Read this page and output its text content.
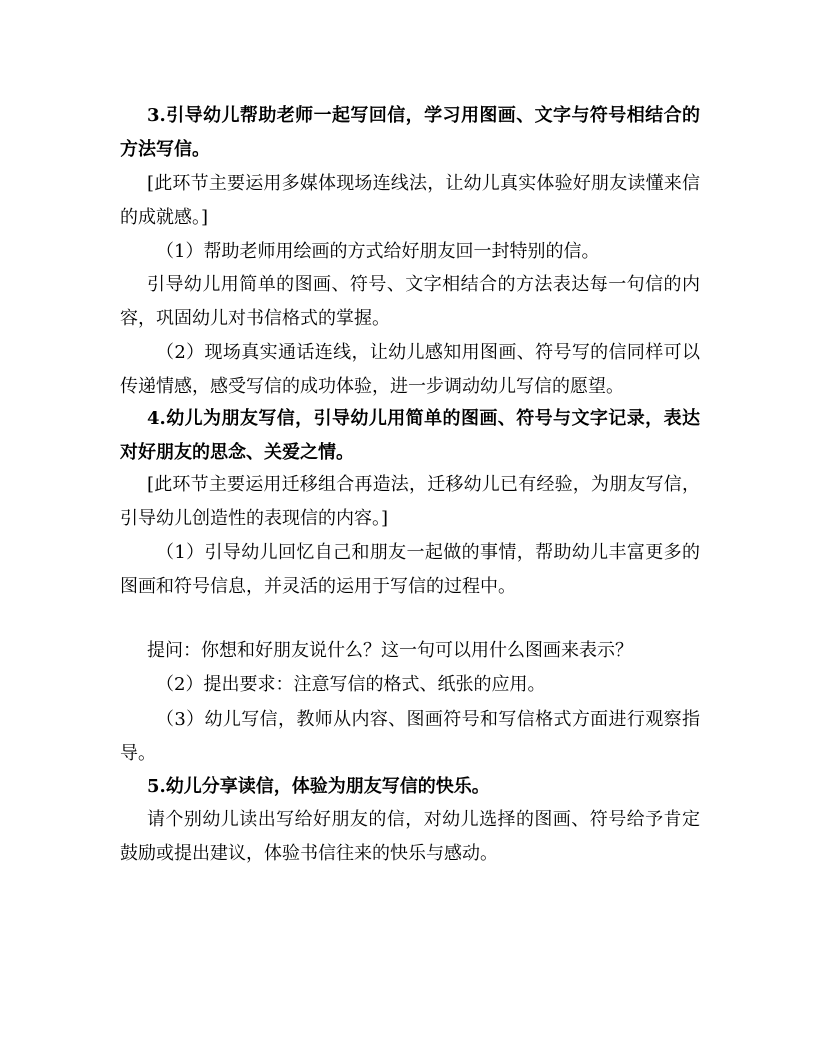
3.引导幼儿帮助老师一起写回信，学习用图画、文字与符号相结合的方法写信。

[此环节主要运用多媒体现场连线法，让幼儿真实体验好朋友读懂来信的成就感。]

（1）帮助老师用绘画的方式给好朋友回一封特别的信。

引导幼儿用简单的图画、符号、文字相结合的方法表达每一句信的内容，巩固幼儿对书信格式的掌握。

（2）现场真实通话连线，让幼儿感知用图画、符号写的信同样可以传递情感，感受写信的成功体验，进一步调动幼儿写信的愿望。

4.幼儿为朋友写信，引导幼儿用简单的图画、符号与文字记录，表达对好朋友的思念、关爱之情。

[此环节主要运用迁移组合再造法，迁移幼儿已有经验，为朋友写信，引导幼儿创造性的表现信的内容。]

（1）引导幼儿回忆自己和朋友一起做的事情，帮助幼儿丰富更多的图画和符号信息，并灵活的运用于写信的过程中。

提问：你想和好朋友说什么？这一句可以用什么图画来表示？

（2）提出要求：注意写信的格式、纸张的应用。

（3）幼儿写信，教师从内容、图画符号和写信格式方面进行观察指导。

5.幼儿分享读信，体验为朋友写信的快乐。

请个别幼儿读出写给好朋友的信，对幼儿选择的图画、符号给予肯定鼓励或提出建议，体验书信往来的快乐与感动。
